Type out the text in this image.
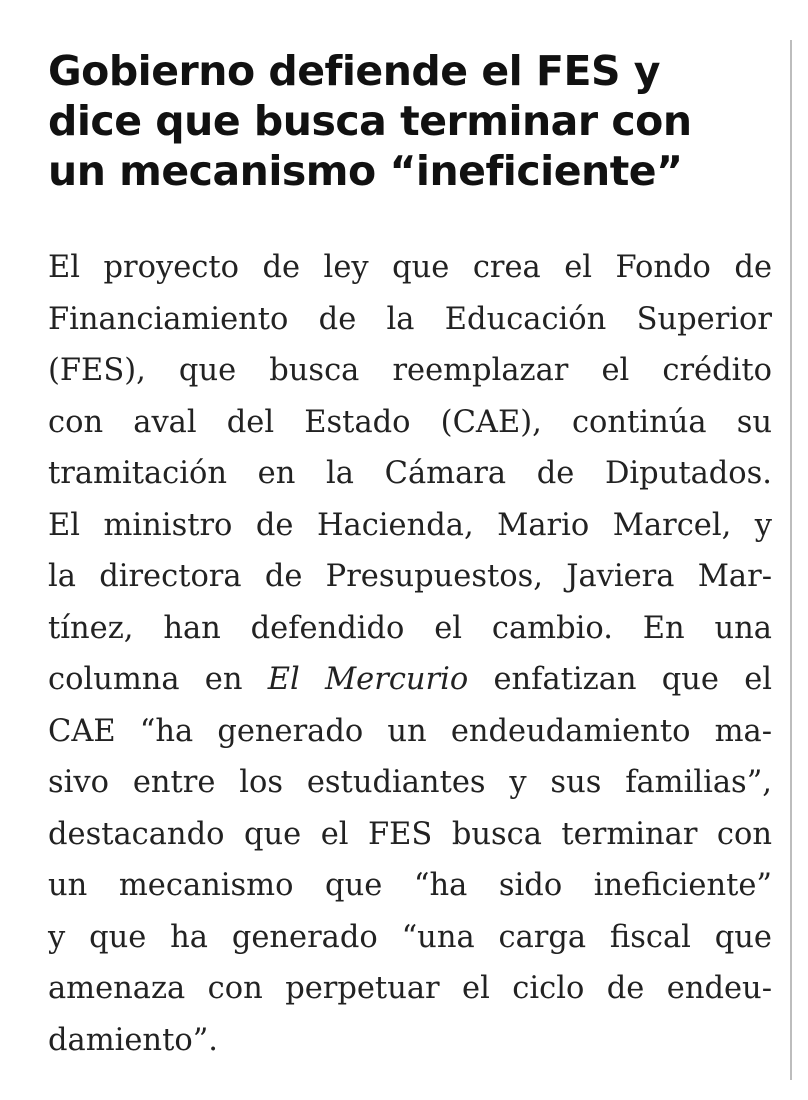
Gobierno defiende el FES y
dice que busca terminar con
un mecanismo “ineficiente”
El proyecto de ley que crea el Fondo de
Financiamiento de la Educación Superior
(FES), que busca reemplazar el crédito
con aval del Estado (CAE), continúa su
tramitación en la Cámara de Diputados.
El ministro de Hacienda, Mario Marcel, y
la directora de Presupuestos, Javiera Mar-
tínez, han defendido el cambio. En una
columna en El Mercurio enfatizan que el
CAE “ha generado un endeudamiento ma-
sivo entre los estudiantes y sus familias”,
destacando que el FES busca terminar con
un mecanismo que “ha sido ineficiente”
y que ha generado “una carga fiscal que
amenaza con perpetuar el ciclo de endeu-
damiento”.
